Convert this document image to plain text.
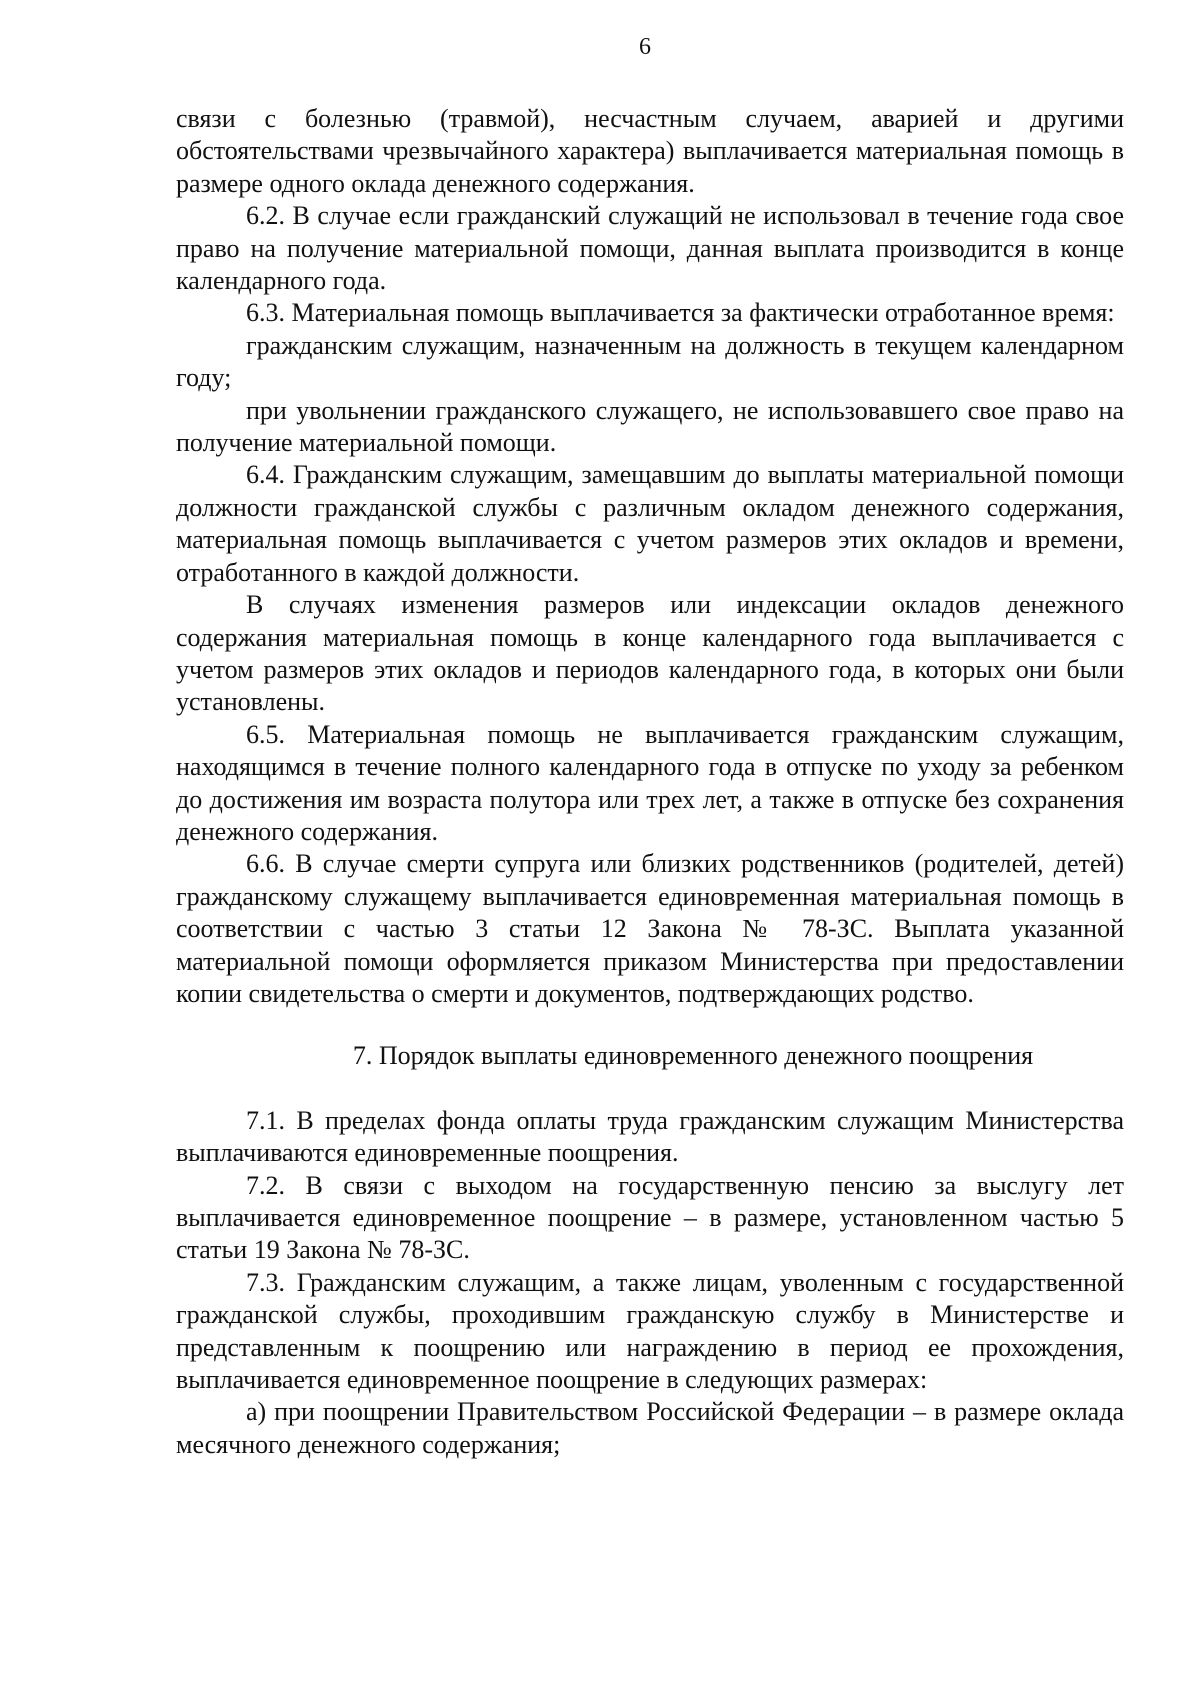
6

связи с болезнью (травмой), несчастным случаем, аварией и другими обстоятельствами чрезвычайного характера) выплачивается материальная помощь в размере одного оклада денежного содержания.

6.2. В случае если гражданский служащий не использовал в течение года свое право на получение материальной помощи, данная выплата производится в конце календарного года.

6.3. Материальная помощь выплачивается за фактически отработанное время:

гражданским служащим, назначенным на должность в текущем календарном году;

при увольнении гражданского служащего, не использовавшего свое право на получение материальной помощи.

6.4. Гражданским служащим, замещавшим до выплаты материальной помощи должности гражданской службы с различным окладом денежного содержания, материальная помощь выплачивается с учетом размеров этих окладов и времени, отработанного в каждой должности.

В случаях изменения размеров или индексации окладов денежного содержания материальная помощь в конце календарного года выплачивается с учетом размеров этих окладов и периодов календарного года, в которых они были установлены.

6.5. Материальная помощь не выплачивается гражданским служащим, находящимся в течение полного календарного года в отпуске по уходу за ребенком до достижения им возраста полутора или трех лет, а также в отпуске без сохранения денежного содержания.

6.6. В случае смерти супруга или близких родственников (родителей, детей) гражданскому служащему выплачивается единовременная материальная помощь в соответствии с частью 3 статьи 12 Закона № 78-ЗС. Выплата указанной материальной помощи оформляется приказом Министерства при предоставлении копии свидетельства о смерти и документов, подтверждающих родство.

7. Порядок выплаты единовременного денежного поощрения

7.1. В пределах фонда оплаты труда гражданским служащим Министерства выплачиваются единовременные поощрения.

7.2. В связи с выходом на государственную пенсию за выслугу лет выплачивается единовременное поощрение – в размере, установленном частью 5 статьи 19 Закона № 78-ЗС.

7.3. Гражданским служащим, а также лицам, уволенным с государственной гражданской службы, проходившим гражданскую службу в Министерстве и представленным к поощрению или награждению в период ее прохождения, выплачивается единовременное поощрение в следующих размерах:

а) при поощрении Правительством Российской Федерации – в размере оклада месячного денежного содержания;
